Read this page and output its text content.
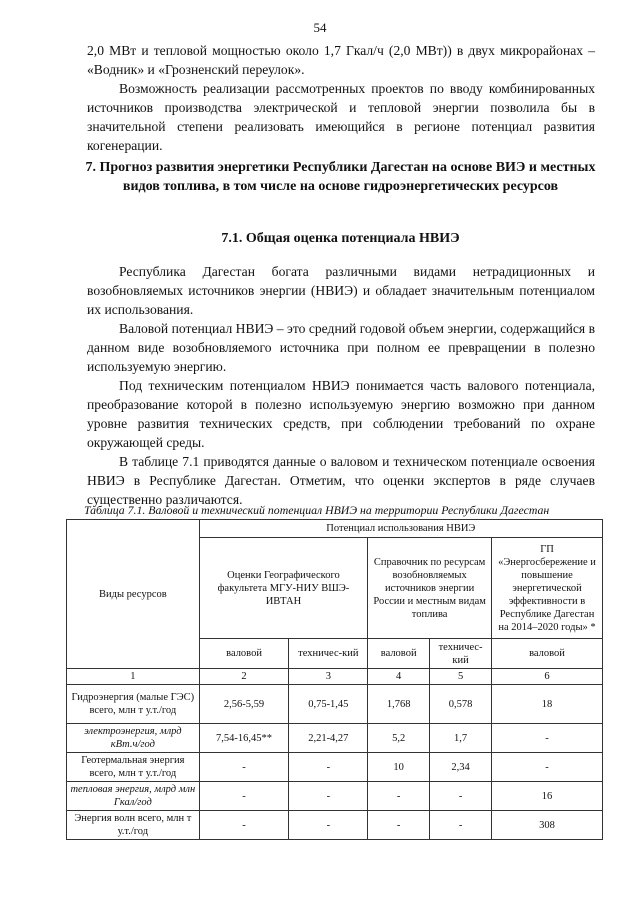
54

2,0 МВт и тепловой мощностью около 1,7 Гкал/ч (2,0 МВт)) в двух микрорайонах – «Водник» и «Грозненский переулок».

Возможность реализации рассмотренных проектов по вводу комбинированных источников производства электрической и тепловой энергии позволила бы в значительной степени реализовать имеющийся в регионе потенциал развития когенерации.

7. Прогноз развития энергетики Республики Дагестан на основе ВИЭ и местных видов топлива, в том числе на основе гидроэнергетических ресурсов
7.1. Общая оценка потенциала НВИЭ

Республика Дагестан богата различными видами нетрадиционных и возобновляемых источников энергии (НВИЭ) и обладает значительным потенциалом их использования.

Валовой потенциал НВИЭ – это средний годовой объем энергии, содержащийся в данном виде возобновляемого источника при полном ее превращении в полезно используемую энергию.

Под техническим потенциалом НВИЭ понимается часть валового потенциала, преобразование которой в полезно используемую энергию возможно при данном уровне развития технических средств, при соблюдении требований по охране окружающей среды.

В таблице 7.1 приводятся данные о валовом и техническом потенциале освоения НВИЭ в Республике Дагестан. Отметим, что оценки экспертов в ряде случаев существенно различаются.

Таблица 7.1. Валовой и технический потенциал НВИЭ на территории Республики Дагестан
Виды ресурсов	Потенциал использования НВИЭ				
	Оценки Географического факультета МГУ-НИУ ВШЭ-ИВТАН		Справочник по ресурсам возобновляемых источников энергии России и местным видам топлива		ГП «Энергосбережение и повышение энергетической эффективности в Республике Дагестан на 2014–2020 годы» *
	валовой	техничес-кий	валовой	техничес-кий	валовой
1	2	3	4	5	6
Гидроэнергия (малые ГЭС) всего, млн т у.т./год	2,56-5,59	0,75-1,45	1,768	0,578	18
электроэнергия, млрд кВт.ч/год	7,54-16,45**	2,21-4,27	5,2	1,7	-
Геотермальная энергия всего, млн т у.т./год	-	-	10	2,34	-
тепловая энергия, млрд млн Гкал/год	-	-	-	-	16
Энергия волн всего, млн т у.т./год	-	-	-	-	308
